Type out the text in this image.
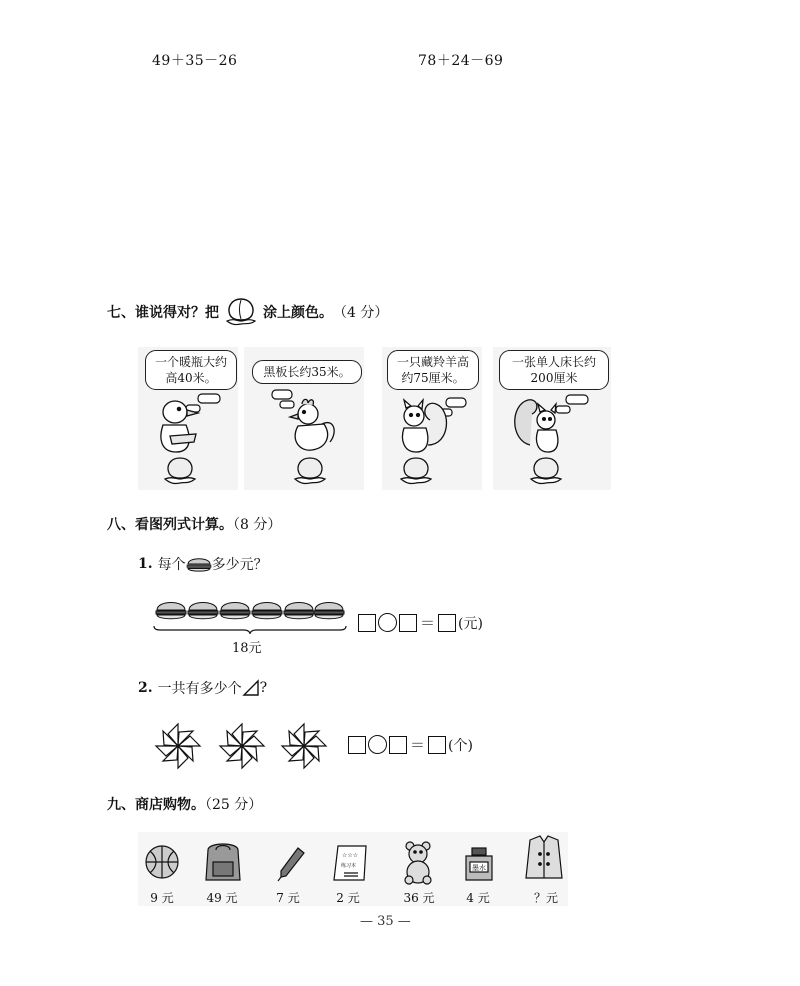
49＋35－26	78＋24－69
七、谁说得对？把	涂上颜色。 （4 分）
一个暖瓶大约高40米。	黑板长约35米。
一只藏羚羊高约75厘米。
一张单人床长约200厘米
八、看图列式计算。（8 分）
1. 每个 多少元？
18元
＝ (元)
2. 一共有多少个 ?
＝ (个)
九、商店购物。（25 分）
☆☆☆
练习本	墨水
9 元	49 元	7 元	2 元	36 元	4 元	？元
— 35 —
